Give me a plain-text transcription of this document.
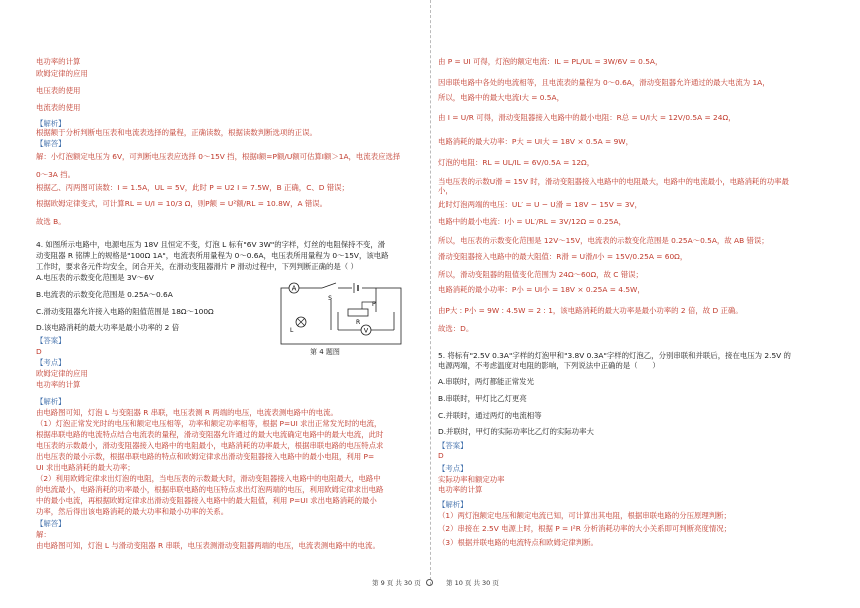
电功率的计算
欧姆定律的应用
电压表的使用
电流表的使用
【解析】
根据额于分析判断电压表和电流表选择的量程，正确读数，根据读数判断选项的正误。
【解答】
解：小灯泡额定电压为 6V，可判断电压表应选择 0～15V 挡，根据I额=P额/U额可估算I额＞1A，电流表应选择
0～3A 挡。
根据乙、丙两图可读数：I = 1.5A，UL = 5V，此时 P = U2 I = 7.5W，B 正确，C、D 错误；
根据欧姆定律变式，可计算RL = U/I = 10/3 Ω，则P额 = U²额/RL = 10.8W，A 错误。
故选 B。
4. 如图所示电路中，电源电压为 18V 且恒定不变，灯泡 L 标有"6V 3W"的字样，灯丝的电阻保持不变，滑
动变阻器 R 铭牌上的规格是"100Ω 1A"，电流表所用量程为 0～0.6A，电压表所用量程为 0～15V，该电路
工作时，要求各元件均安全，闭合开关，在滑动变阻器滑片 P 滑动过程中，下列判断正确的是（ ）
A.电压表的示数变化范围是 3V～6V
B.电流表的示数变化范围是 0.25A～0.6A
C.滑动变阻器允许接入电路的阻值范围是 18Ω～100Ω
D.该电路消耗的最大功率是最小功率的 2 倍
【答案】
D
【考点】
欧姆定律的应用
电功率的计算
【解析】
由电路图可知，灯泡 L 与变阻器 R 串联，电压表测 R 两端的电压，电流表测电路中的电流。
（1）灯泡正常发光时的电压和额定电压相等，功率和额定功率相等，根据 P=UI 求出正常发光时的电流，
根据串联电路的电流特点结合电流表的量程，滑动变阻器允许通过的最大电流确定电路中的最大电流，此时
电压表的示数最小，滑动变阻器接入电路中的电阻最小，电路消耗的功率最大，根据串联电路的电压特点求
出电压表的最小示数，根据串联电路的特点和欧姆定律求出滑动变阻器接入电路中的最小电阻，利用 P=
UI 求出电路消耗的最大功率；
（2）利用欧姆定律求出灯泡的电阻，当电压表的示数最大时，滑动变阻器接入电路中的电阻最大，电路中
的电流最小，电路消耗的功率最小，根据串联电路的电压特点求出灯泡两端的电压，利用欧姆定律求出电路
中的最小电流，再根据欧姆定律求出滑动变阻器接入电路中的最大阻值，利用 P=UI 求出电路消耗的最小
功率，然后得出该电路消耗的最大功率和最小功率的关系。
【解答】
解：
由电路图可知，灯泡 L 与滑动变阻器 R 串联，电压表测滑动变阻器两端的电压，电流表测电路中的电流。
A
S
L
R
P
V
第 4 题图
由 P = UI 可得，灯泡的额定电流：IL = PL/UL = 3W/6V = 0.5A，
因串联电路中各处的电流相等，且电流表的量程为 0～0.6A，滑动变阻器允许通过的最大电流为 1A，
所以，电路中的最大电流I大 = 0.5A，
由 I = U/R 可得，滑动变阻器接入电路中的最小电阻：R总 = U/I大 = 12V/0.5A = 24Ω，
电路消耗的最大功率：P大 = UI大 = 18V × 0.5A = 9W，
灯泡的电阻：RL = UL/IL = 6V/0.5A = 12Ω，
当电压表的示数U滑 = 15V 时，滑动变阻器接入电路中的电阻最大，电路中的电流最小，电路消耗的功率最
小，
此时灯泡两端的电压：UL′ = U − U滑 = 18V − 15V = 3V，
电路中的最小电流：I小 = UL′/RL = 3V/12Ω = 0.25A，
所以，电压表的示数变化范围是 12V～15V，电流表的示数变化范围是 0.25A～0.5A，故 AB 错误；
滑动变阻器接入电路中的最大阻值：R滑 = U滑/I小 = 15V/0.25A = 60Ω，
所以，滑动变阻器的阻值变化范围为 24Ω～60Ω，故 C 错误；
电路消耗的最小功率：P小 = UI小 = 18V × 0.25A = 4.5W，
由P大 : P小 = 9W : 4.5W = 2 : 1，该电路消耗的最大功率是最小功率的 2 倍，故 D 正确。
故选：D。
5. 将标有"2.5V 0.3A"字样的灯泡甲和"3.8V 0.3A"字样的灯泡乙，分别串联和并联后，接在电压为 2.5V 的
电源两端，不考虑温度对电阻的影响，下列说法中正确的是（　　）
A.串联时，两灯都能正常发光
B.串联时，甲灯比乙灯更亮
C.并联时，通过两灯的电流相等
D.并联时，甲灯的实际功率比乙灯的实际功率大
【答案】
D
【考点】
实际功率和额定功率
电功率的计算
【解析】
（1）两灯泡额定电压和额定电流已知，可计算出其电阻，根据串联电路的分压原理判断；
（2）串接在 2.5V 电源上时，根据 P = I²R 分析消耗功率的大小关系即可判断亮度情况；
（3）根据并联电路的电流特点和欧姆定律判断。
第 9 页 共 30 页	第 10 页 共 30 页
